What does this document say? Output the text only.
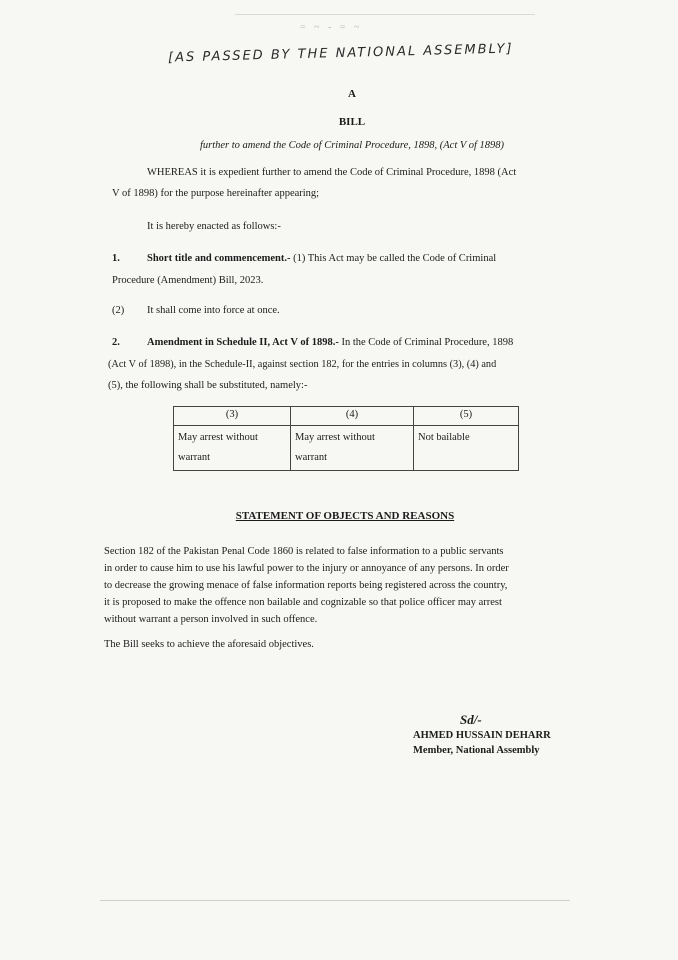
= ~ - = ~
[AS PASSED BY THE NATIONAL ASSEMBLY]
A
BILL
further to amend the Code of Criminal Procedure, 1898, (Act V of 1898)
WHEREAS it is expedient further to amend the Code of Criminal Procedure, 1898 (Act
V of 1898) for the purpose hereinafter appearing;
It is hereby enacted as follows:-
1.	Short title and commencement.- (1) This Act may be called the Code of Criminal
Procedure (Amendment) Bill, 2023.
(2) It shall come into force at once.
2.	Amendment in Schedule II, Act V of 1898.- In the Code of Criminal Procedure, 1898
(Act V of 1898), in the Schedule-II, against section 182, for the entries in columns (3), (4) and
(5), the following shall be substituted, namely:-
(3)	(4)	(5)
May arrest without warrant	May arrest without warrant	Not bailable
STATEMENT OF OBJECTS AND REASONS
Section 182 of the Pakistan Penal Code 1860 is related to false information to a public servants
in order to cause him to use his lawful power to the injury or annoyance of any persons. In order
to decrease the growing menace of false information reports being registered across the country,
it is proposed to make the offence non bailable and cognizable so that police officer may arrest
without warrant a person involved in such offence.
The Bill seeks to achieve the aforesaid objectives.
Sd/-
AHMED HUSSAIN DEHARR
Member, National Assembly
